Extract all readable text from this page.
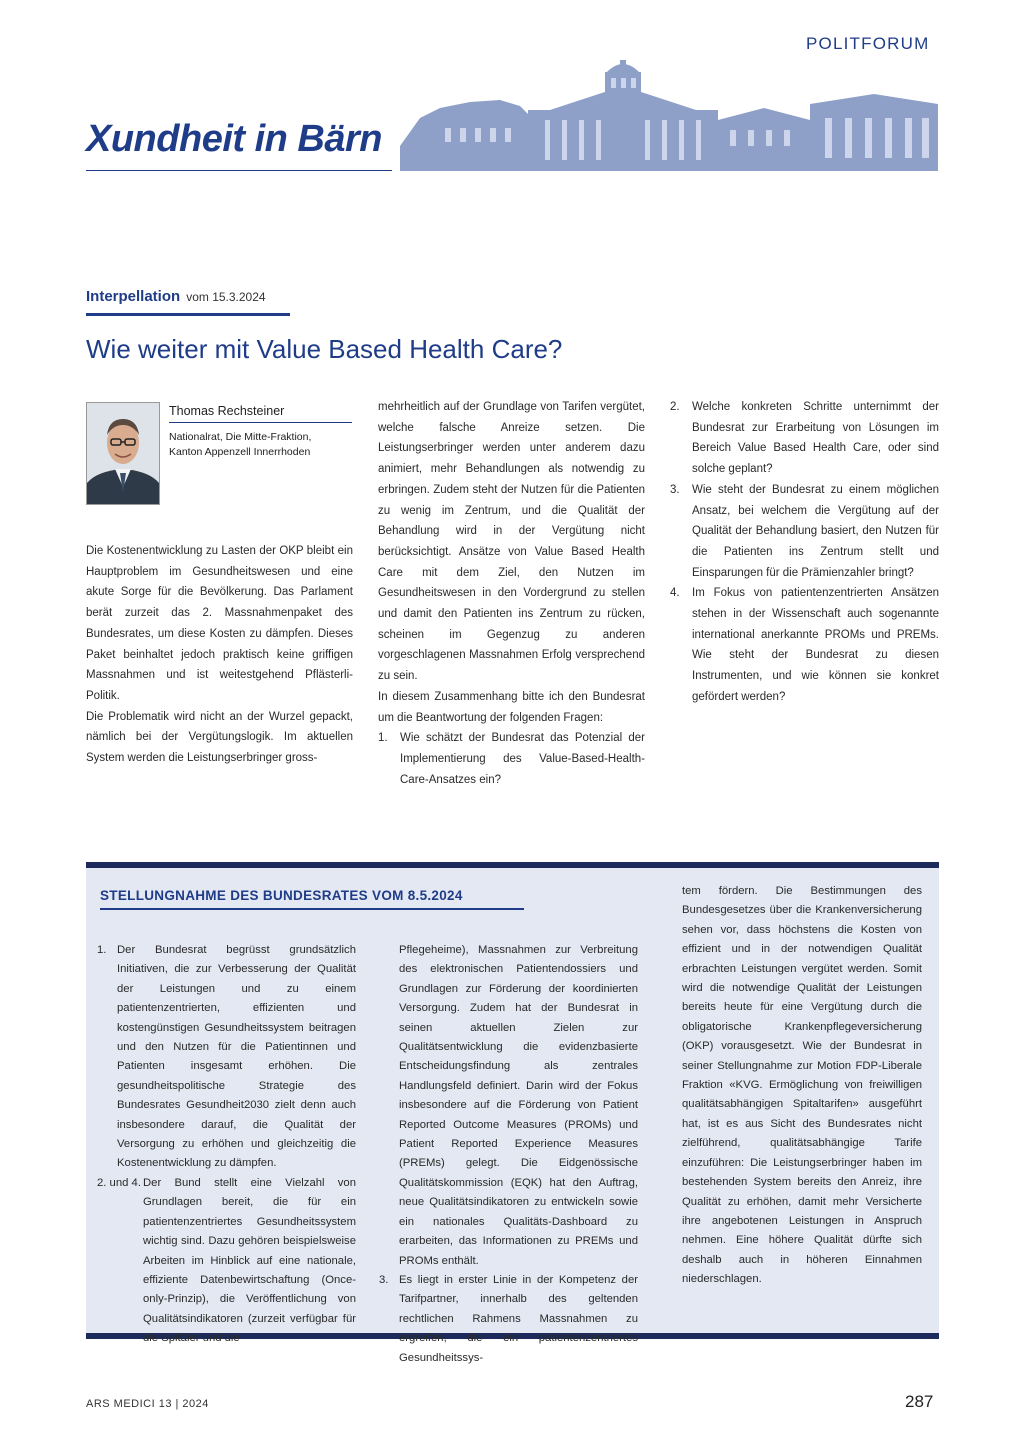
POLITFORUM
Xundheit in Bärn
Interpellation vom 15.3.2024
Wie weiter mit Value Based Health Care?
Thomas Rechsteiner
Nationalrat, Die Mitte-Fraktion,
Kanton Appenzell Innerrhoden

Die Kostenentwicklung zu Lasten der OKP bleibt ein Hauptproblem im Gesundheitswesen und eine akute Sorge für die Bevölkerung. Das Parlament berät zurzeit das 2. Massnahmenpaket des Bundesrates, um diese Kosten zu dämpfen. Dieses Paket beinhaltet jedoch praktisch keine griffigen Massnahmen und ist weitestgehend Pflästerli-Politik.

Die Problematik wird nicht an der Wurzel gepackt, nämlich bei der Vergütungslogik. Im aktuellen System werden die Leistungserbringer gross-

mehrheitlich auf der Grundlage von Tarifen vergütet, welche falsche Anreize setzen. Die Leistungserbringer werden unter anderem dazu animiert, mehr Behandlungen als notwendig zu erbringen. Zudem steht der Nutzen für die Patienten zu wenig im Zentrum, und die Qualität der Behandlung wird in der Vergütung nicht berücksichtigt. Ansätze von Value Based Health Care mit dem Ziel, den Nutzen im Gesundheitswesen in den Vordergrund zu stellen und damit den Patienten ins Zentrum zu rücken, scheinen im Gegenzug zu anderen vorgeschlagenen Massnahmen Erfolg versprechend zu sein.

In diesem Zusammenhang bitte ich den Bundesrat um die Beantwortung der folgenden Fragen:

1. Wie schätzt der Bundesrat das Potenzial der Implementierung des Value-Based-Health-Care-Ansatzes ein?
2. Welche konkreten Schritte unternimmt der Bundesrat zur Erarbeitung von Lösungen im Bereich Value Based Health Care, oder sind solche geplant?
3. Wie steht der Bundesrat zu einem möglichen Ansatz, bei welchem die Vergütung auf der Qualität der Behandlung basiert, den Nutzen für die Patienten ins Zentrum stellt und Einsparungen für die Prämienzahler bringt?
4. Im Fokus von patientenzentrierten Ansätzen stehen in der Wissenschaft auch sogenannte international anerkannte PROMs und PREMs. Wie steht der Bundesrat zu diesen Instrumenten, und wie können sie konkret gefördert werden?
STELLUNGNAHME DES BUNDESRATES VOM 8.5.2024
1. Der Bundesrat begrüsst grundsätzlich Initiativen, die zur Verbesserung der Qualität der Leistungen und zu einem patientenzentrierten, effizienten und kostengünstigen Gesundheitssystem beitragen und den Nutzen für die Patientinnen und Patienten insgesamt erhöhen. Die gesundheitspolitische Strategie des Bundesrates Gesundheit2030 zielt denn auch insbesondere darauf, die Qualität der Versorgung zu erhöhen und gleichzeitig die Kostenentwicklung zu dämpfen.
2. und 4. Der Bund stellt eine Vielzahl von Grundlagen bereit, die für ein patientenzentriertes Gesundheitssystem wichtig sind. Dazu gehören beispielsweise Arbeiten im Hinblick auf eine nationale, effiziente Datenbewirtschaftung (Once-only-Prinzip), die Veröffentlichung von Qualitätsindikatoren (zurzeit verfügbar für die Spitäler und die

Pflegeheime), Massnahmen zur Verbreitung des elektronischen Patientendossiers und Grundlagen zur Förderung der koordinierten Versorgung. Zudem hat der Bundesrat in seinen aktuellen Zielen zur Qualitätsentwicklung die evidenzbasierte Entscheidungsfindung als zentrales Handlungsfeld definiert. Darin wird der Fokus insbesondere auf die Förderung von Patient Reported Outcome Measures (PROMs) und Patient Reported Experience Measures (PREMs) gelegt. Die Eidgenössische Qualitätskommission (EQK) hat den Auftrag, neue Qualitätsindikatoren zu entwickeln sowie ein nationales Qualitäts-Dashboard zu erarbeiten, das Informationen zu PREMs und PROMs enthält.

3. Es liegt in erster Linie in der Kompetenz der Tarifpartner, innerhalb des geltenden rechtlichen Rahmens Massnahmen zu ergreifen, die ein patientenzentriertes Gesundheitssys-

tem fördern. Die Bestimmungen des Bundesgesetzes über die Krankenversicherung sehen vor, dass höchstens die Kosten von effizient und in der notwendigen Qualität erbrachten Leistungen vergütet werden. Somit wird die notwendige Qualität der Leistungen bereits heute für eine Vergütung durch die obligatorische Krankenpflegeversicherung (OKP) vorausgesetzt. Wie der Bundesrat in seiner Stellungnahme zur Motion FDP-Liberale Fraktion «KVG. Ermöglichung von freiwilligen qualitätsabhängigen Spitaltarifen» ausgeführt hat, ist es aus Sicht des Bundesrates nicht zielführend, qualitätsabhängige Tarife einzuführen: Die Leistungserbringer haben im bestehenden System bereits den Anreiz, ihre Qualität zu erhöhen, damit mehr Versicherte ihre angebotenen Leistungen in Anspruch nehmen. Eine höhere Qualität dürfte sich deshalb auch in höheren Einnahmen niederschlagen.

ARS MEDICI 13 | 2024	287
